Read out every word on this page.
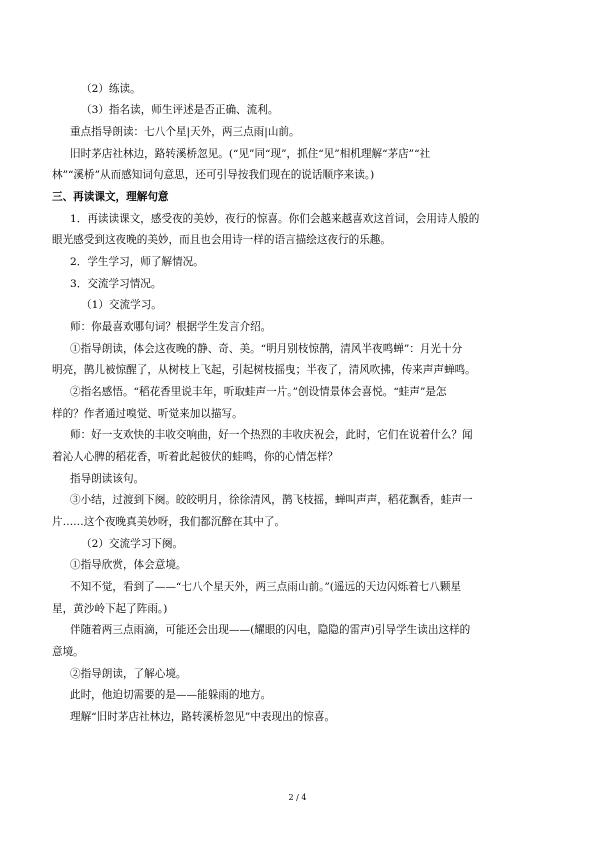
（2）练读。
（3）指名读，师生评述是否正确、流利。
重点指导朗读：七八个星|天外，两三点雨|山前。
旧时茅店社林边，路转溪桥忽见。(“见”同“现”，抓住“见”相机理解“茅店”“社
林”“溪桥”从而感知词句意思，还可引导按我们现在的说话顺序来读。)
三、再读课文，理解句意
1．再读读课文，感受夜的美妙，夜行的惊喜。你们会越来越喜欢这首词，会用诗人般的
眼光感受到这夜晚的美妙，而且也会用诗一样的语言描绘这夜行的乐趣。
2．学生学习，师了解情况。
3．交流学习情况。
（1）交流学习。
师：你最喜欢哪句词？根据学生发言介绍。
①指导朗读，体会这夜晚的静、奇、美。“明月别枝惊鹊，清风半夜鸣蝉”：月光十分
明亮，鹊儿被惊醒了，从树枝上飞起，引起树枝摇曳；半夜了，清风吹拂，传来声声蝉鸣。
②指名感悟。“稻花香里说丰年，听取蛙声一片。”创设情景体会喜悦。“蛙声”是怎
样的？作者通过嗅觉、听觉来加以描写。
师：好一支欢快的丰收交响曲，好一个热烈的丰收庆祝会，此时，它们在说着什么？闻
着沁人心脾的稻花香，听着此起彼伏的蛙鸣，你的心情怎样？
指导朗读该句。
③小结，过渡到下阕。皎皎明月，徐徐清风，鹊飞枝摇，蝉叫声声，稻花飘香，蛙声一
片……这个夜晚真美妙呀，我们都沉醉在其中了。
（2）交流学习下阕。
①指导欣赏，体会意境。
不知不觉，看到了——“七八个星天外，两三点雨山前。”(遥远的天边闪烁着七八颗星
星，黄沙岭下起了阵雨。)
伴随着两三点雨滴，可能还会出现——(耀眼的闪电，隐隐的雷声)引导学生读出这样的
意境。
②指导朗读，了解心境。
此时，他迫切需要的是——能躲雨的地方。
理解“旧时茅店社林边，路转溪桥忽见”中表现出的惊喜。
2 / 4
